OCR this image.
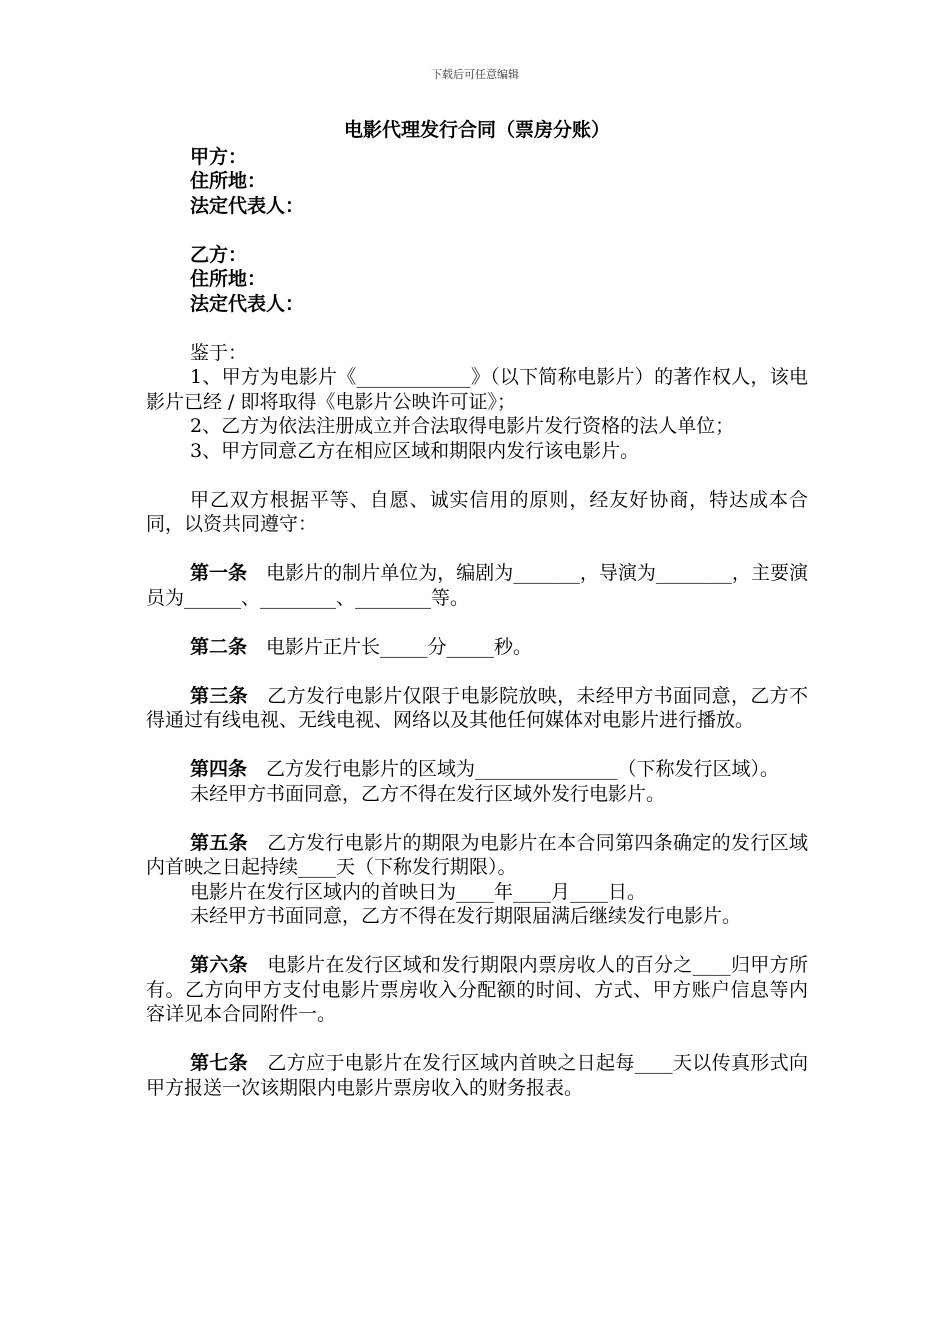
下载后可任意编辑
电影代理发行合同（票房分账）
甲方：
住所地：
法定代表人：
乙方：
住所地：
法定代表人：
鉴于：
1、甲方为电影片《____________》（以下简称电影片）的著作权人，该电影片已经 / 即将取得《电影片公映许可证》；
2、乙方为依法注册成立并合法取得电影片发行资格的法人单位；
3、甲方同意乙方在相应区域和期限内发行该电影片。
甲乙双方根据平等、自愿、诚实信用的原则，经友好协商，特达成本合同，以资共同遵守：
第一条　 电影片的制片单位为，编剧为_______，导演为________，主要演员为______、________、________等。
第二条　 电影片正片长_____分_____秒。
第三条　 乙方发行电影片仅限于电影院放映，未经甲方书面同意，乙方不得通过有线电视、无线电视、网络以及其他任何媒体对电影片进行播放。
第四条　 乙方发行电影片的区域为_______________（下称发行区域）。
未经甲方书面同意，乙方不得在发行区域外发行电影片。
第五条　 乙方发行电影片的期限为电影片在本合同第四条确定的发行区域内首映之日起持续____天（下称发行期限）。
电影片在发行区域内的首映日为____年____月____日。
未经甲方书面同意，乙方不得在发行期限届满后继续发行电影片。
第六条　 电影片在发行区域和发行期限内票房收人的百分之____归甲方所有。乙方向甲方支付电影片票房收入分配额的时间、方式、甲方账户信息等内容详见本合同附件一。
第七条　 乙方应于电影片在发行区域内首映之日起每____天以传真形式向甲方报送一次该期限内电影片票房收入的财务报表。
